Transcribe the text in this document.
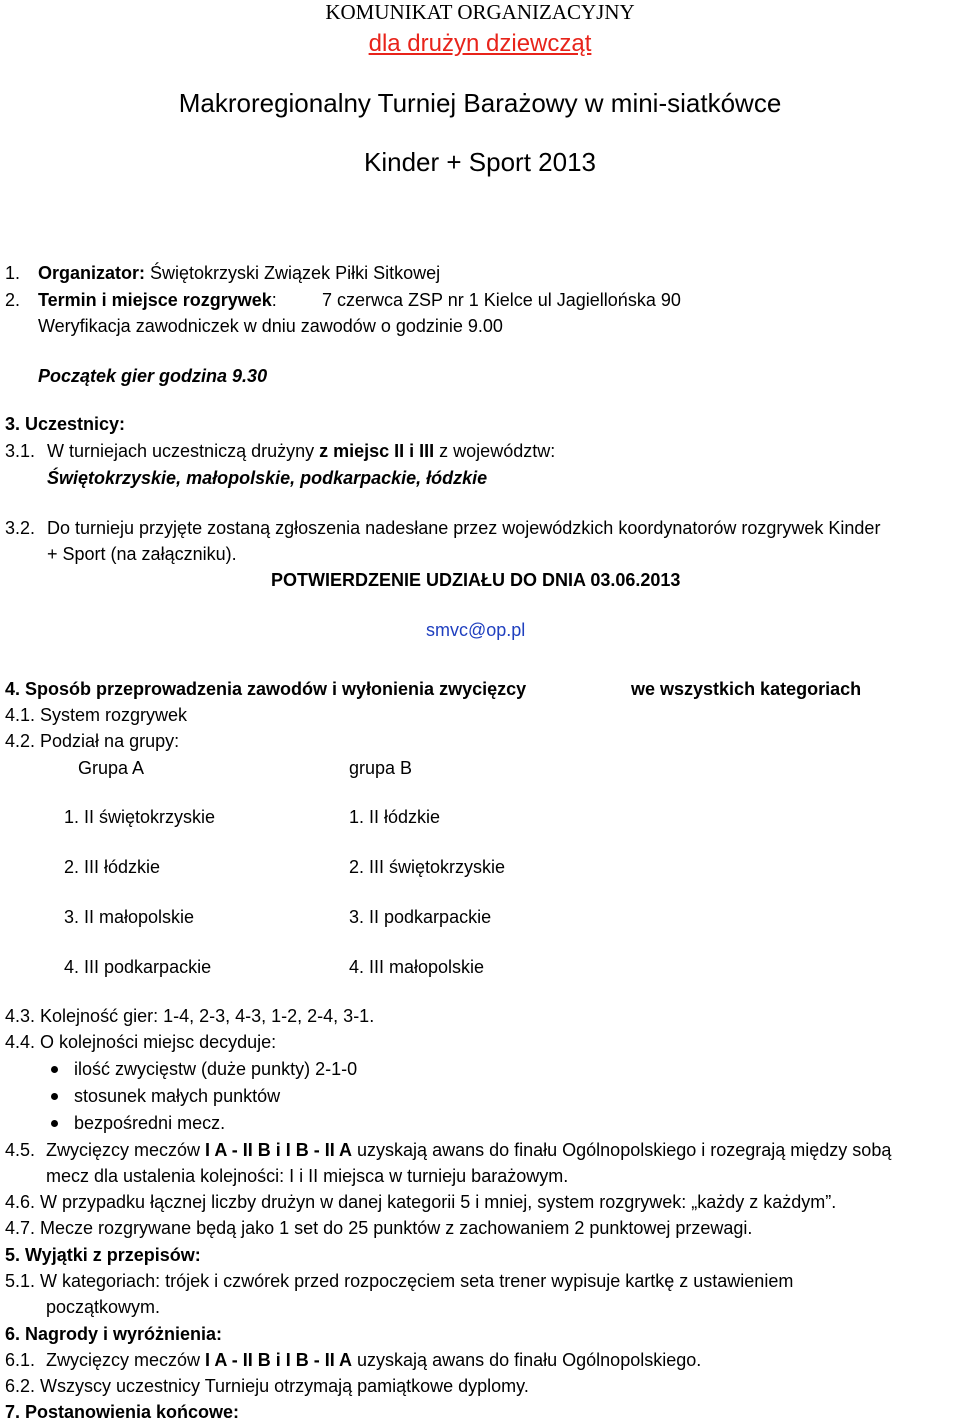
KOMUNIKAT ORGANIZACYJNY
dla drużyn dziewcząt
Makroregionalny Turniej Barażowy w mini-siatkówce
Kinder + Sport 2013
1. Organizator: Świętokrzyski Związek Piłki Sitkowej
2. Termin i miejsce rozgrywek:	7 czerwca ZSP nr 1 Kielce ul Jagiellońska 90
Weryfikacja zawodniczek w dniu zawodów o godzinie 9.00
Początek gier godzina 9.30
3. Uczestnicy:
3.1. W turniejach uczestniczą drużyny z miejsc II i III z województw:
Świętokrzyskie, małopolskie, podkarpackie, łódzkie
3.2. Do turnieju przyjęte zostaną zgłoszenia nadesłane przez wojewódzkich koordynatorów rozgrywek Kinder
+ Sport (na załączniku).
POTWIERDZENIE UDZIAŁU DO DNIA 03.06.2013
smvc@op.pl
4. Sposób przeprowadzenia zawodów i wyłonienia zwycięzcy	we wszystkich kategoriach
4.1. System rozgrywek
4.2. Podział na grupy:
Grupa A	grupa B
1. II świętokrzyskie	1. II łódzkie
2. III łódzkie	2. III świętokrzyskie
3. II małopolskie	3. II podkarpackie
4. III podkarpackie	4. III małopolskie
4.3. Kolejność gier: 1-4, 2-3, 4-3, 1-2, 2-4, 3-1.
4.4. O kolejności miejsc decyduje:
ilość zwycięstw (duże punkty) 2-1-0
stosunek małych punktów
bezpośredni mecz.
4.5. Zwycięzcy meczów I A - II B i I B - II A uzyskają awans do finału Ogólnopolskiego i rozegrają między sobą
mecz dla ustalenia kolejności: I i II miejsca w turnieju barażowym.
4.6. W przypadku łącznej liczby drużyn w danej kategorii 5 i mniej, system rozgrywek: „każdy z każdym”.
4.7. Mecze rozgrywane będą jako 1 set do 25 punktów z zachowaniem 2 punktowej przewagi.
5. Wyjątki z przepisów:
5.1. W kategoriach: trójek i czwórek przed rozpoczęciem seta trener wypisuje kartkę z ustawieniem
początkowym.
6. Nagrody i wyróżnienia:
6.1. Zwycięzcy meczów I A - II B i I B - II A uzyskają awans do finału Ogólnopolskiego.
6.2. Wszyscy uczestnicy Turnieju otrzymają pamiątkowe dyplomy.
7. Postanowienia końcowe:
